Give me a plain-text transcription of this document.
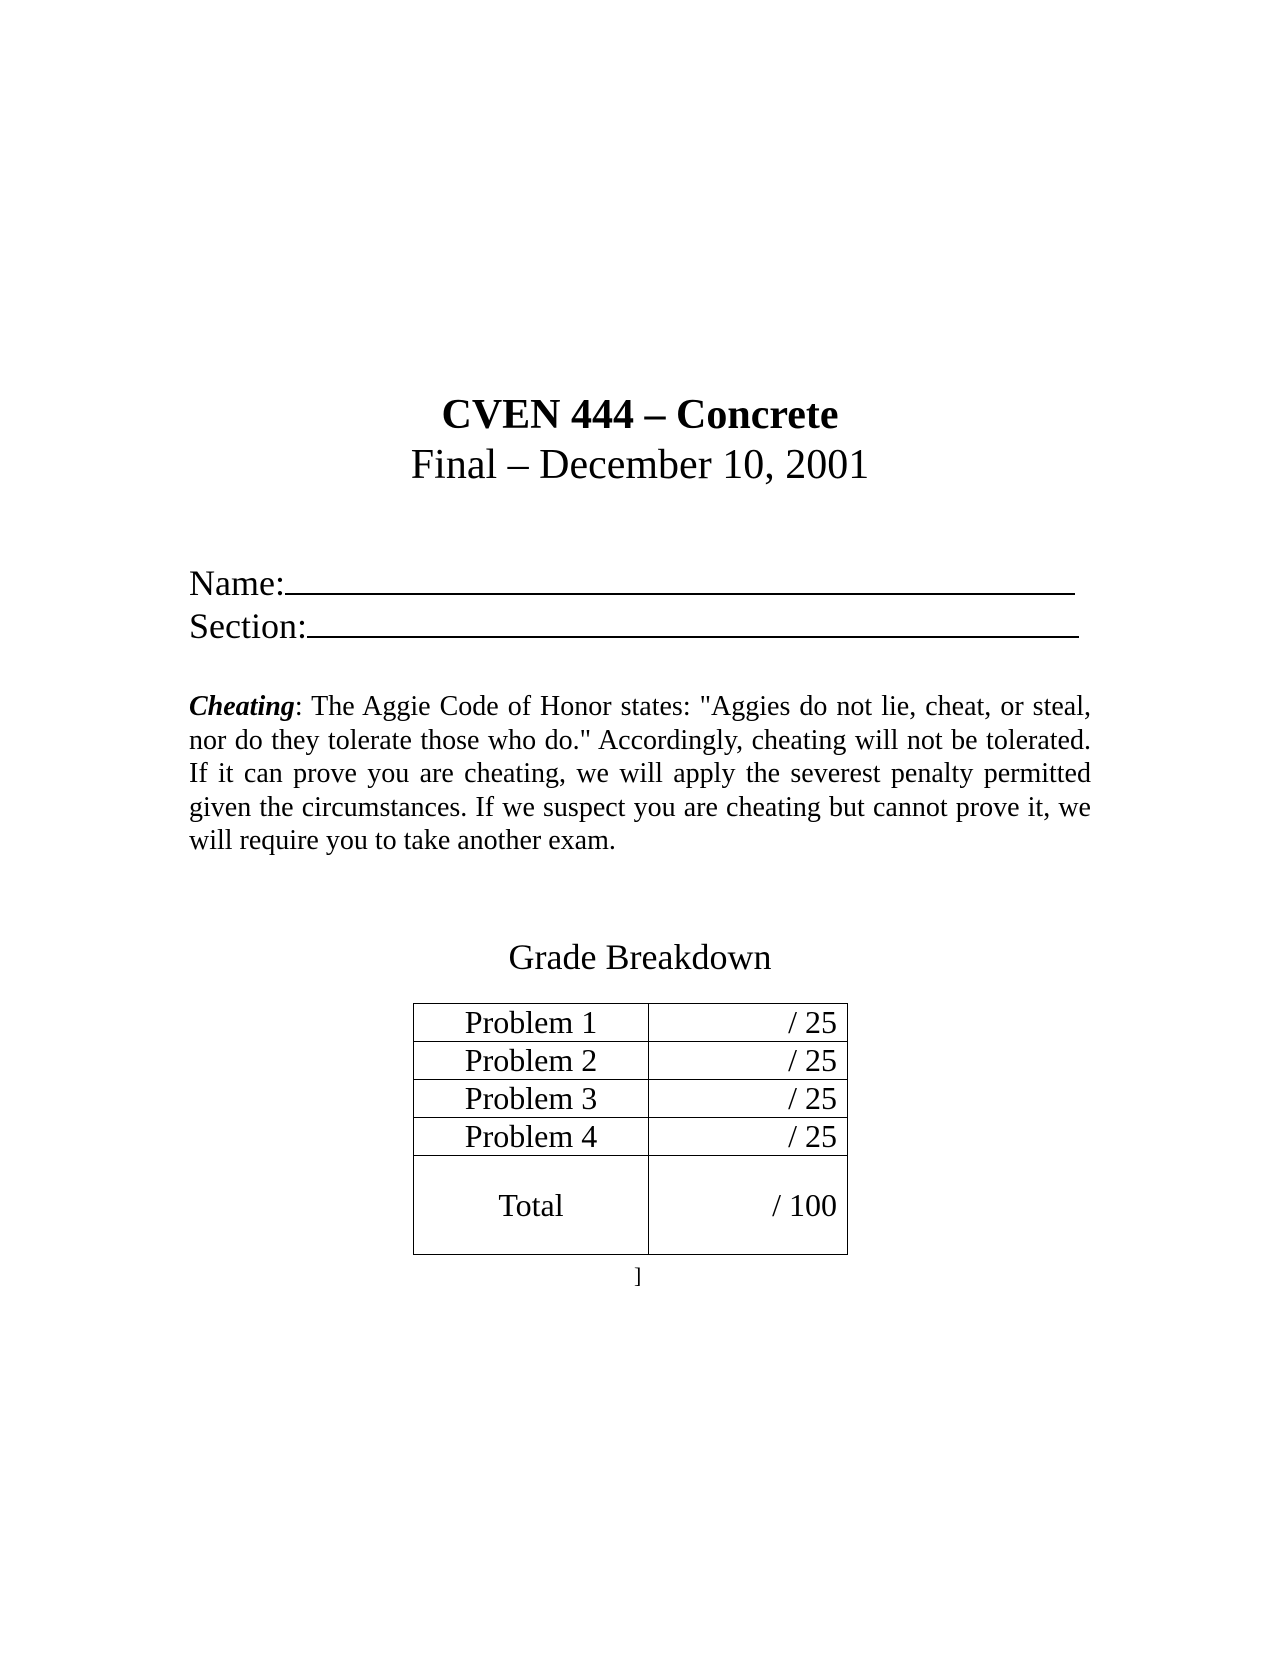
CVEN 444 – Concrete
Final – December 10, 2001
Name:
Section:

Cheating: The Aggie Code of Honor states: "Aggies do not lie, cheat, or steal, nor do they tolerate those who do." Accordingly, cheating will not be tolerated. If it can prove you are cheating, we will apply the severest penalty permitted given the circumstances. If we suspect you are cheating but cannot prove it, we will require you to take another exam.

Grade Breakdown
Problem 1	/ 25
Problem 2	/ 25
Problem 3	/ 25
Problem 4	/ 25
Total	/ 100
]
